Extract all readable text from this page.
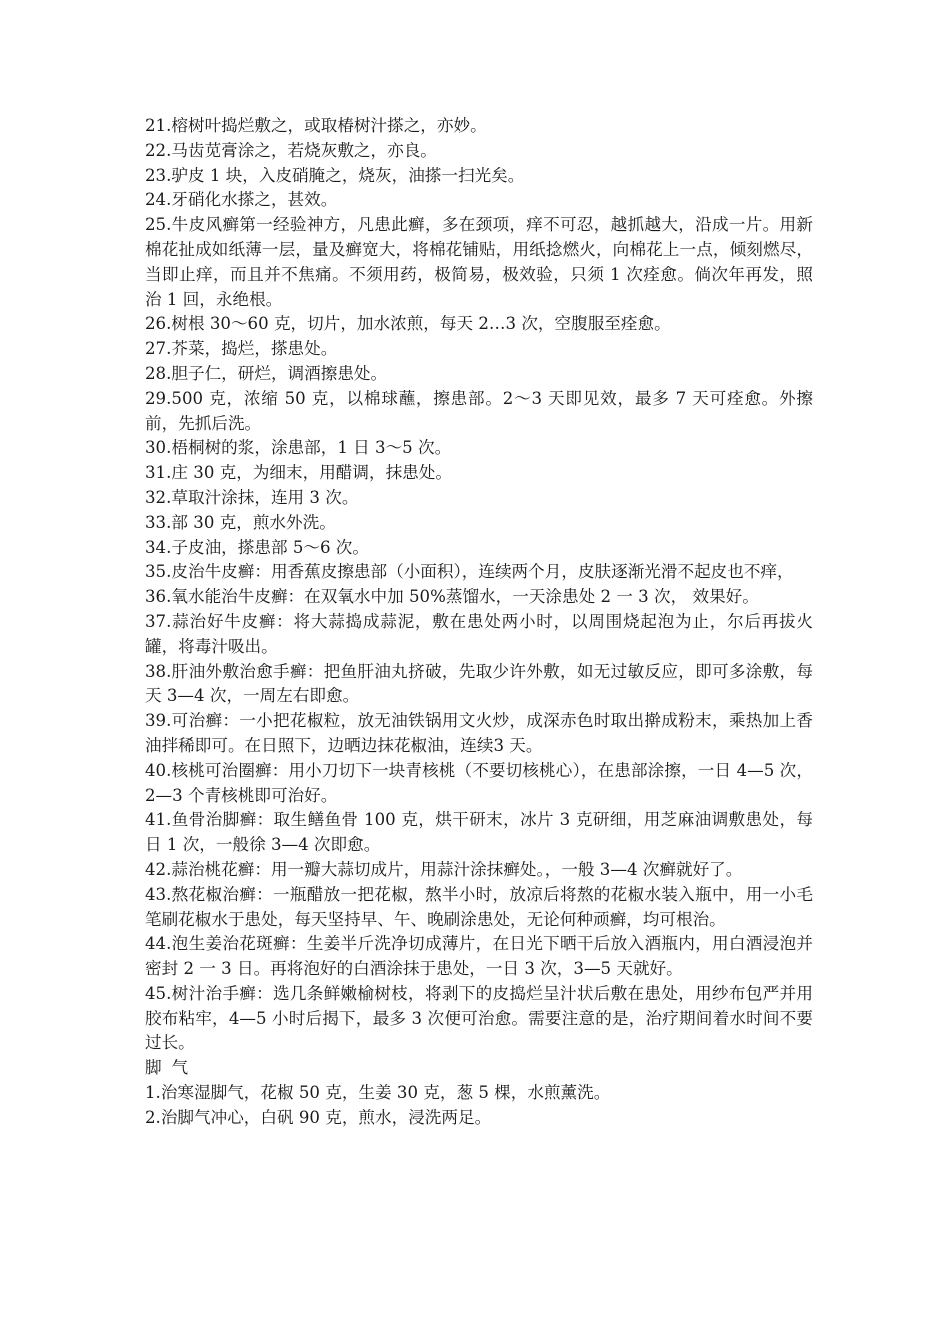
21.榕树叶捣烂敷之，或取椿树汁搽之，亦妙。

22.马齿苋膏涂之，若烧灰敷之，亦良。

23.驴皮 1 块，入皮硝腌之，烧灰，油搽一扫光矣。

24.牙硝化水搽之，甚效。

25.牛皮风癣第一经验神方，凡患此癣，多在颈项，痒不可忍，越抓越大，沿成一片。用新棉花扯成如纸薄一层，量及癣宽大，将棉花铺贴，用纸捻燃火，向棉花上一点，倾刻燃尽，当即止痒，而且并不焦痛。不须用药，极简易，极效验，只须 1 次痊愈。倘次年再发，照治 1 回，永绝根。

26.树根 30～60 克，切片，加水浓煎，每天 2…3 次，空腹服至痊愈。

27.芥菜，捣烂，搽患处。

28.胆子仁，研烂，调酒擦患处。

29.500 克，浓缩 50 克，以棉球蘸，擦患部。2～3 天即见效，最多 7 天可痊愈。外擦前，先抓后洗。

30.梧桐树的浆，涂患部，1 日 3～5 次。

31.庄 30 克，为细末，用醋调，抹患处。

32.草取汁涂抹，连用 3 次。

33.部 30 克，煎水外洗。

34.子皮油，搽患部 5～6 次。

35.皮治牛皮癣：用香蕉皮擦患部（小面积），连续两个月，皮肤逐渐光滑不起皮也不痒，

36.氧水能治牛皮癣：在双氧水中加 50%蒸馏水，一天涂患处 2 一 3 次， 效果好。

37.蒜治好牛皮癣：将大蒜捣成蒜泥，敷在患处两小时，以周围烧起泡为止，尔后再拔火罐，将毒汁吸出。

38.肝油外敷治愈手癣：把鱼肝油丸挤破，先取少许外敷，如无过敏反应，即可多涂敷，每天 3—4 次，一周左右即愈。

39.可治癣：一小把花椒粒，放无油铁锅用文火炒，成深赤色时取出擀成粉末，乘热加上香油拌稀即可。在日照下，边晒边抹花椒油，连续3 天。

40.核桃可治圈癣：用小刀切下一块青核桃（不要切核桃心），在患部涂擦，一日 4—5 次，2—3 个青核桃即可治好。

41.鱼骨治脚癣：取生鳝鱼骨 100 克，烘干研末，冰片 3 克研细，用芝麻油调敷患处，每日 1 次，一般徐 3—4 次即愈。

42.蒜治桃花癣：用一瓣大蒜切成片，用蒜汁涂抹癣处。，一般 3—4 次癣就好了。

43.熬花椒治癣：一瓶醋放一把花椒，熬半小时，放凉后将熬的花椒水装入瓶中，用一小毛笔刷花椒水于患处，每天坚持早、午、晚刷涂患处，无论何种顽癣，均可根治。

44.泡生姜治花斑癣：生姜半斤洗净切成薄片，在日光下晒干后放入酒瓶内，用白酒浸泡并密封 2 一 3 日。再将泡好的白酒涂抹于患处，一日 3 次，3—5 天就好。

45.树汁治手癣：选几条鲜嫩榆树枝，将剥下的皮捣烂呈汁状后敷在患处，用纱布包严并用胶布粘牢，4—5 小时后揭下，最多 3 次便可治愈。需要注意的是，治疗期间着水时间不要过长。

脚气

1.治寒湿脚气，花椒 50 克，生姜 30 克，葱 5 棵，水煎薰洗。

2.治脚气冲心，白矾 90 克，煎水，浸洗两足。
